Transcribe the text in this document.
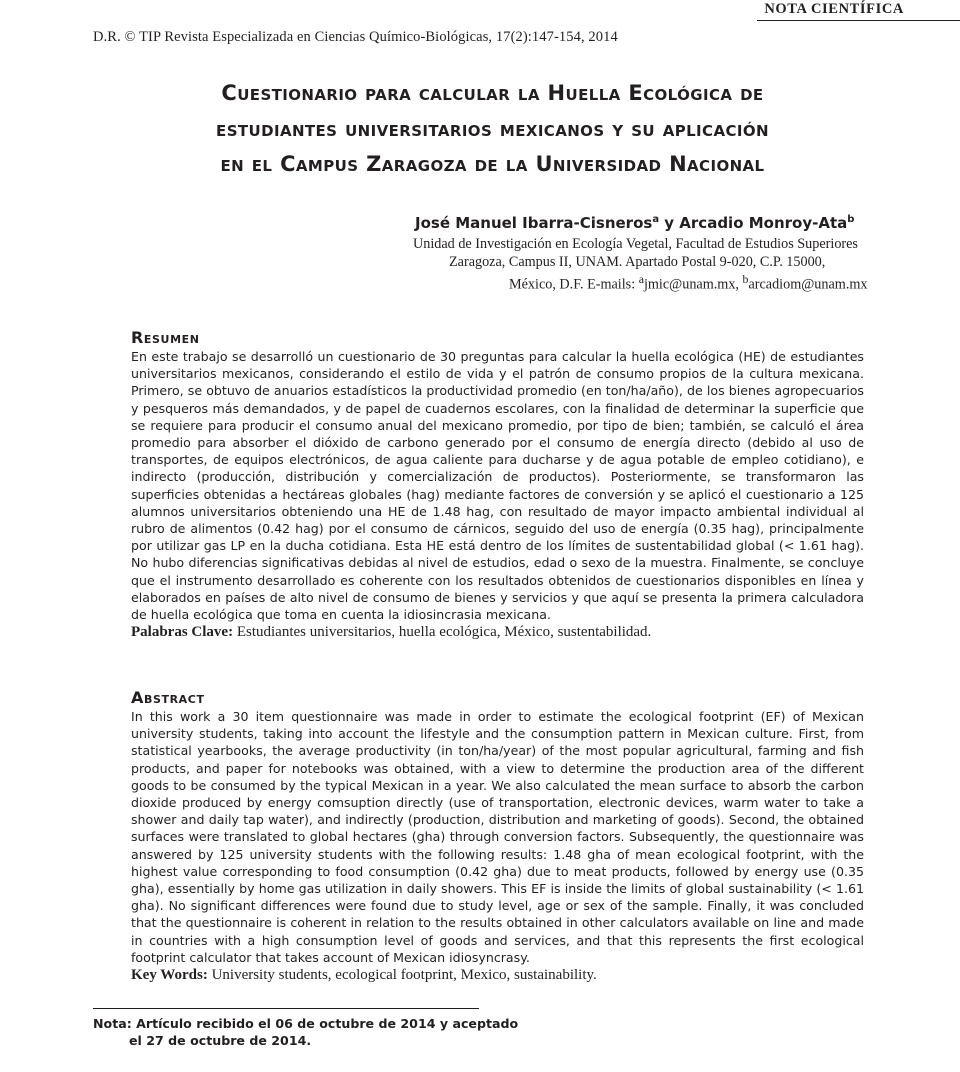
D.R. © TIP Revista Especializada en Ciencias Químico-Biológicas, 17(2):147-154, 2014
NOTA CIENTÍFICA
Cuestionario para calcular la Huella Ecológica de
estudiantes universitarios mexicanos y su aplicación
en el Campus Zaragoza de la Universidad Nacional
José Manuel Ibarra-Cisneros$^a$ y Arcadio Monroy-Ata$^b$
Unidad de Investigación en Ecología Vegetal, Facultad de Estudios Superiores
Zaragoza, Campus II, UNAM. Apartado Postal 9-020, C.P. 15000,
México, D.F. E-mails: $^a$jmic@unam.mx, $^b$arcadiom@unam.mx
Resumen

En este trabajo se desarrolló un cuestionario de 30 preguntas para calcular la huella ecológica (HE) de estudiantes universitarios mexicanos, considerando el estilo de vida y el patrón de consumo propios de la cultura mexicana. Primero, se obtuvo de anuarios estadísticos la productividad promedio (en ton/ha/año), de los bienes agropecuarios y pesqueros más demandados, y de papel de cuadernos escolares, con la finalidad de determinar la superficie que se requiere para producir el consumo anual del mexicano promedio, por tipo de bien; también, se calculó el área promedio para absorber el dióxido de carbono generado por el consumo de energía directo (debido al uso de transportes, de equipos electrónicos, de agua caliente para ducharse y de agua potable de empleo cotidiano), e indirecto (producción, distribución y comercialización de productos). Posteriormente, se transformaron las superficies obtenidas a hectáreas globales (hag) mediante factores de conversión y se aplicó el cuestionario a 125 alumnos universitarios obteniendo una HE de 1.48 hag, con resultado de mayor impacto ambiental individual al rubro de alimentos (0.42 hag) por el consumo de cárnicos, seguido del uso de energía (0.35 hag), principalmente por utilizar gas LP en la ducha cotidiana. Esta HE está dentro de los límites de sustentabilidad global (< 1.61 hag). No hubo diferencias significativas debidas al nivel de estudios, edad o sexo de la muestra. Finalmente, se concluye que el instrumento desarrollado es coherente con los resultados obtenidos de cuestionarios disponibles en línea y elaborados en países de alto nivel de consumo de bienes y servicios y que aquí se presenta la primera calculadora de huella ecológica que toma en cuenta la idiosincrasia mexicana.

Palabras Clave: Estudiantes universitarios, huella ecológica, México, sustentabilidad.

Abstract

In this work a 30 item questionnaire was made in order to estimate the ecological footprint (EF) of Mexican university students, taking into account the lifestyle and the consumption pattern in Mexican culture. First, from statistical yearbooks, the average productivity (in ton/ha/year) of the most popular agricultural, farming and fish products, and paper for notebooks was obtained, with a view to determine the production area of the different goods to be consumed by the typical Mexican in a year. We also calculated the mean surface to absorb the carbon dioxide produced by energy comsuption directly (use of transportation, electronic devices, warm water to take a shower and daily tap water), and indirectly (production, distribution and marketing of goods). Second, the obtained surfaces were translated to global hectares (gha) through conversion factors. Subsequently, the questionnaire was answered by 125 university students with the following results: 1.48 gha of mean ecological footprint, with the highest value corresponding to food consumption (0.42 gha) due to meat products, followed by energy use (0.35 gha), essentially by home gas utilization in daily showers. This EF is inside the limits of global sustainability (< 1.61 gha). No significant differences were found due to study level, age or sex of the sample. Finally, it was concluded that the questionnaire is coherent in relation to the results obtained in other calculators available on line and made in countries with a high consumption level of goods and services, and that this represents the first ecological footprint calculator that takes account of Mexican idiosyncrasy.

Key Words: University students, ecological footprint, Mexico, sustainability.

Nota: Artículo recibido el 06 de octubre de 2014 y aceptado
el 27 de octubre de 2014.
